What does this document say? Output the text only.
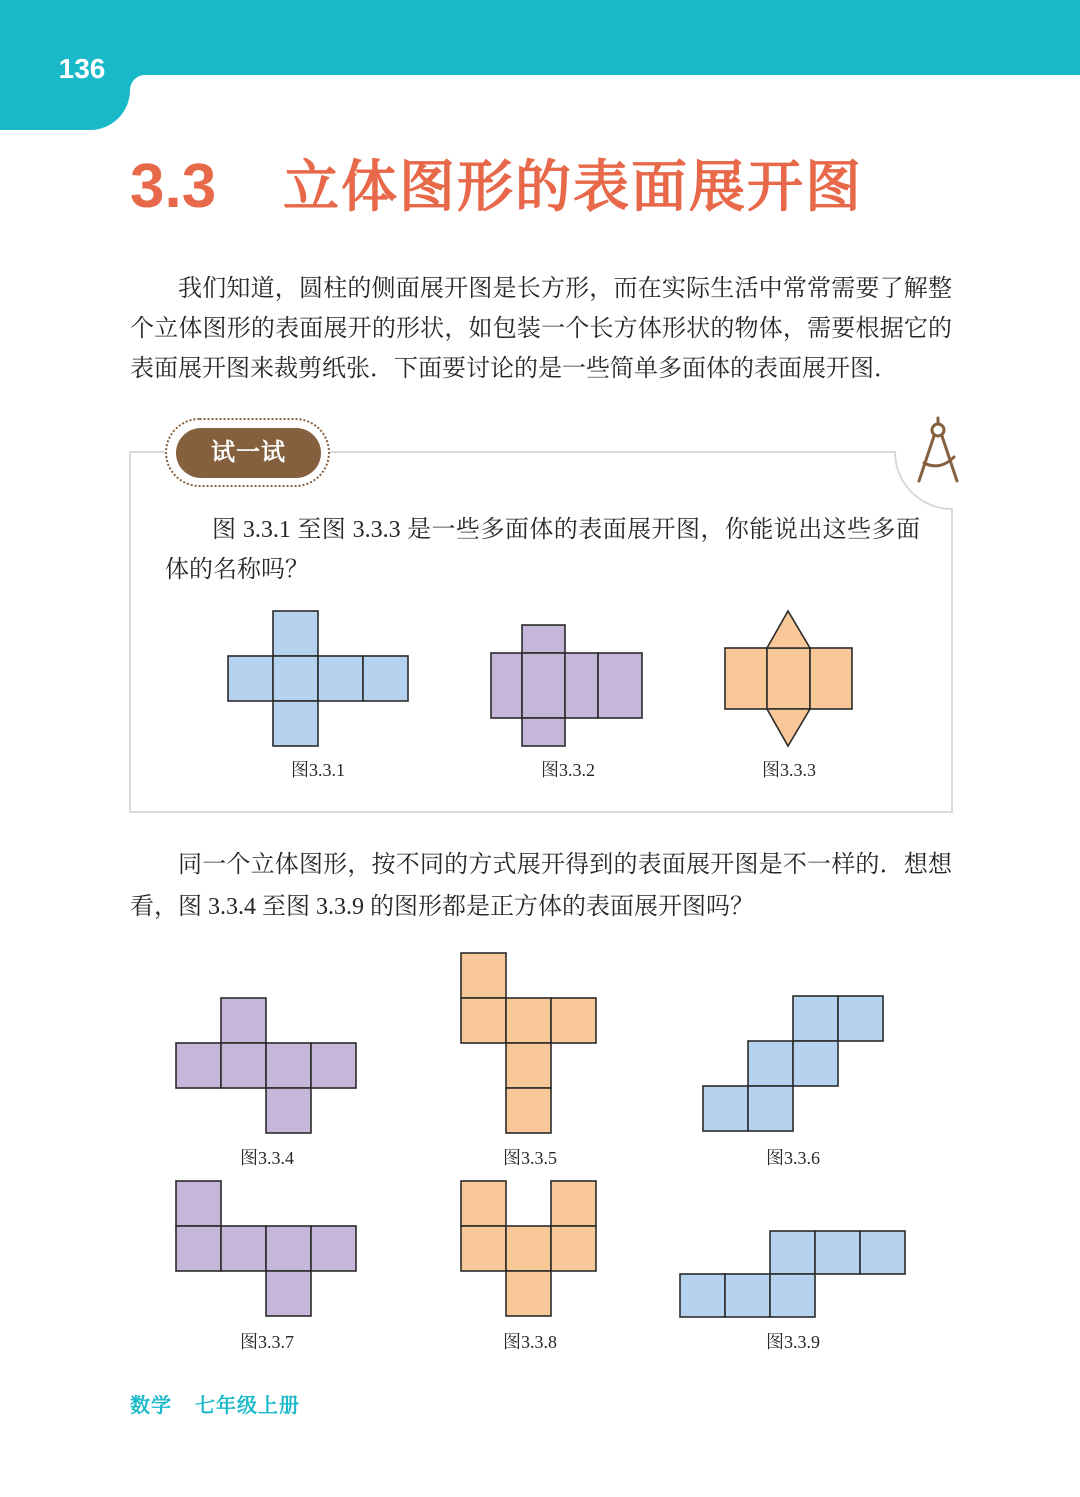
136
3.3 立体图形的表面展开图
我们知道，圆柱的侧面展开图是长方形，而在实际生活中常常需要了解整
个立体图形的表面展开的形状，如包装一个长方体形状的物体，需要根据它的
表面展开图来裁剪纸张．下面要讨论的是一些简单多面体的表面展开图．
试一试
图 3.3.1 至图 3.3.3 是一些多面体的表面展开图，你能说出这些多面
体的名称吗？
图3.3.1	图3.3.2	图3.3.3
同一个立体图形，按不同的方式展开得到的表面展开图是不一样的．想想
看，图 3.3.4 至图 3.3.9 的图形都是正方体的表面展开图吗？
图3.3.4	图3.3.5	图3.3.6
图3.3.7	图3.3.8	图3.3.9
数学 七年级上册
